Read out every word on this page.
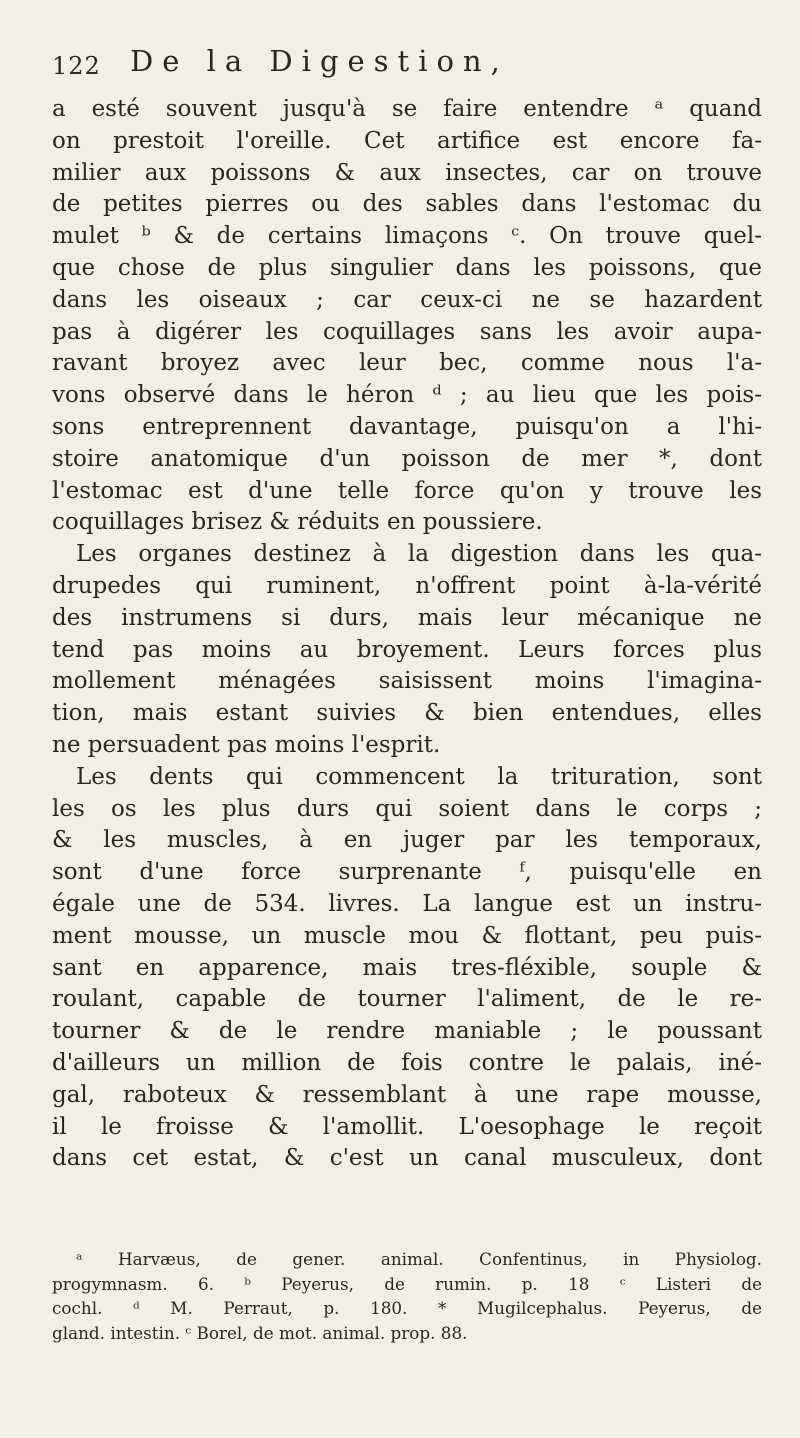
122 De la Digestion,
a esté souvent jusqu'à se faire entendre ᵃ quand
on prestoit l'oreille. Cet artifice est encore fa-
milier aux poissons & aux insectes, car on trouve
de petites pierres ou des sables dans l'estomac du
mulet ᵇ & de certains limaçons ᶜ. On trouve quel-
que chose de plus singulier dans les poissons, que
dans les oiseaux ; car ceux-ci ne se hazardent
pas à digérer les coquillages sans les avoir aupa-
ravant broyez avec leur bec, comme nous l'a-
vons observé dans le héron ᵈ ; au lieu que les pois-
sons entreprennent davantage, puisqu'on a l'hi-
stoire anatomique d'un poisson de mer *, dont
l'estomac est d'une telle force qu'on y trouve les
coquillages brisez & réduits en poussiere.
Les organes destinez à la digestion dans les qua-
drupedes qui ruminent, n'offrent point à-la-vérité
des instrumens si durs, mais leur mécanique ne
tend pas moins au broyement. Leurs forces plus
mollement ménagées saisissent moins l'imagina-
tion, mais estant suivies & bien entendues, elles
ne persuadent pas moins l'esprit.
Les dents qui commencent la trituration, sont
les os les plus durs qui soient dans le corps ;
& les muscles, à en juger par les temporaux,
sont d'une force surprenante ᶠ, puisqu'elle en
égale une de 534. livres. La langue est un instru-
ment mousse, un muscle mou & flottant, peu puis-
sant en apparence, mais tres-fléxible, souple &
roulant, capable de tourner l'aliment, de le re-
tourner & de le rendre maniable ; le poussant
d'ailleurs un million de fois contre le palais, iné-
gal, raboteux & ressemblant à une rape mousse,
il le froisse & l'amollit. L'oesophage le reçoit
dans cet estat, & c'est un canal musculeux, dont
ᵃ Harvæus, de gener. animal. Confentinus, in Physiolog.
progymnasm. 6. ᵇ Peyerus, de rumin. p. 18 ᶜ Listeri de
cochl. ᵈ M. Perraut, p. 180. * Mugilcephalus. Peyerus, de
gland. intestin. ᶜ Borel, de mot. animal. prop. 88.
